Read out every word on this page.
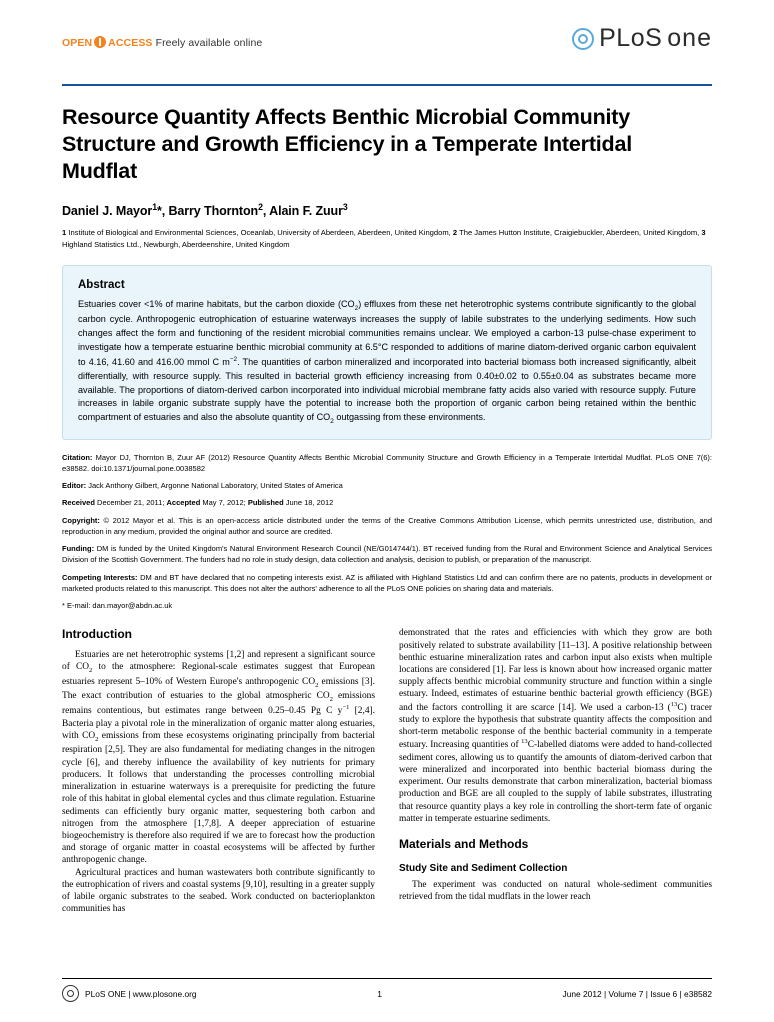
OPEN ACCESS Freely available online	PLoS one
Resource Quantity Affects Benthic Microbial Community Structure and Growth Efficiency in a Temperate Intertidal Mudflat
Daniel J. Mayor$^1$*, Barry Thornton$^2$, Alain F. Zuur$^3$
1 Institute of Biological and Environmental Sciences, Oceanlab, University of Aberdeen, Aberdeen, United Kingdom, 2 The James Hutton Institute, Craigiebuckler, Aberdeen, United Kingdom, 3 Highland Statistics Ltd., Newburgh, Aberdeenshire, United Kingdom
Abstract
Estuaries cover <1% of marine habitats, but the carbon dioxide $(CO_2)$ effluxes from these net heterotrophic systems contribute significantly to the global carbon cycle. Anthropogenic eutrophication of estuarine waterways increases the supply of labile substrates to the underlying sediments. How such changes affect the form and functioning of the resident microbial communities remains unclear. We employed a carbon-13 pulse-chase experiment to investigate how a temperate estuarine benthic microbial community at 6.5°C responded to additions of marine diatom-derived organic carbon equivalent to 4.16, 41.60 and 416.00 mmol C $m^{-2}$. The quantities of carbon mineralized and incorporated into bacterial biomass both increased significantly, albeit differentially, with resource supply. This resulted in bacterial growth efficiency increasing from 0.40±0.02 to 0.55±0.04 as substrates became more available. The proportions of diatom-derived carbon incorporated into individual microbial membrane fatty acids also varied with resource supply. Future increases in labile organic substrate supply have the potential to increase both the proportion of organic carbon being retained within the benthic compartment of estuaries and also the absolute quantity of $CO_2$ outgassing from these environments.

Citation: Mayor DJ, Thornton B, Zuur AF (2012) Resource Quantity Affects Benthic Microbial Community Structure and Growth Efficiency in a Temperate Intertidal Mudflat. PLoS ONE 7(6): e38582. doi:10.1371/journal.pone.0038582

Editor: Jack Anthony Gilbert, Argonne National Laboratory, United States of America

Received December 21, 2011; Accepted May 7, 2012; Published June 18, 2012

Copyright: © 2012 Mayor et al. This is an open-access article distributed under the terms of the Creative Commons Attribution License, which permits unrestricted use, distribution, and reproduction in any medium, provided the original author and source are credited.

Funding: DM is funded by the United Kingdom's Natural Environment Research Council (NE/G014744/1). BT received funding from the Rural and Environment Science and Analytical Services Division of the Scottish Government. The funders had no role in study design, data collection and analysis, decision to publish, or preparation of the manuscript.

Competing Interests: DM and BT have declared that no competing interests exist. AZ is affiliated with Highland Statistics Ltd and can confirm there are no patents, products in development or marketed products related to this manuscript. This does not alter the authors' adherence to all the PLoS ONE policies on sharing data and materials.

* E-mail: dan.mayor@abdn.ac.uk

Introduction

Estuaries are net heterotrophic systems [1,2] and represent a significant source of $CO_2$ to the atmosphere: Regional-scale estimates suggest that European estuaries represent 5–10% of Western Europe's anthropogenic $CO_2$ emissions [3]. The exact contribution of estuaries to the global atmospheric $CO_2$ emissions remains contentious, but estimates range between 0.25–0.45 Pg C $y^{-1}$ [2,4]. Bacteria play a pivotal role in the mineralization of organic matter along estuaries, with $CO_2$ emissions from these ecosystems originating principally from bacterial respiration [2,5]. They are also fundamental for mediating changes in the nitrogen cycle [6], and thereby influence the availability of key nutrients for primary producers. It follows that understanding the processes controlling microbial mineralization in estuarine waterways is a prerequisite for predicting the future role of this habitat in global elemental cycles and thus climate regulation. Estuarine sediments can efficiently bury organic matter, sequestering both carbon and nitrogen from the atmosphere [1,7,8]. A deeper appreciation of estuarine biogeochemistry is therefore also required if we are to forecast how the production and storage of organic matter in coastal ecosystems will be affected by further anthropogenic change.

Agricultural practices and human wastewaters both contribute significantly to the eutrophication of rivers and coastal systems [9,10], resulting in a greater supply of labile organic substrates to the seabed. Work conducted on bacterioplankton communities has

demonstrated that the rates and efficiencies with which they grow are both positively related to substrate availability [11–13]. A positive relationship between benthic estuarine mineralization rates and carbon input also exists when multiple locations are considered [1]. Far less is known about how increased organic matter supply affects benthic microbial community structure and function within a single estuary. Indeed, estimates of estuarine benthic bacterial growth efficiency (BGE) and the factors controlling it are scarce [14]. We used a carbon-13 ($^{13}$C) tracer study to explore the hypothesis that substrate quantity affects the composition and short-term metabolic response of the benthic bacterial community in a temperate estuary. Increasing quantities of $^{13}$C-labelled diatoms were added to hand-collected sediment cores, allowing us to quantify the amounts of diatom-derived carbon that were mineralized and incorporated into benthic bacterial biomass during the experiment. Our results demonstrate that carbon mineralization, bacterial biomass production and BGE are all coupled to the supply of labile substrates, illustrating that resource quantity plays a key role in controlling the short-term fate of organic matter in temperate estuarine sediments.

Materials and Methods
Study Site and Sediment Collection

The experiment was conducted on natural whole-sediment communities retrieved from the tidal mudflats in the lower reach

PLoS ONE | www.plosone.org	1	June 2012 | Volume 7 | Issue 6 | e38582
